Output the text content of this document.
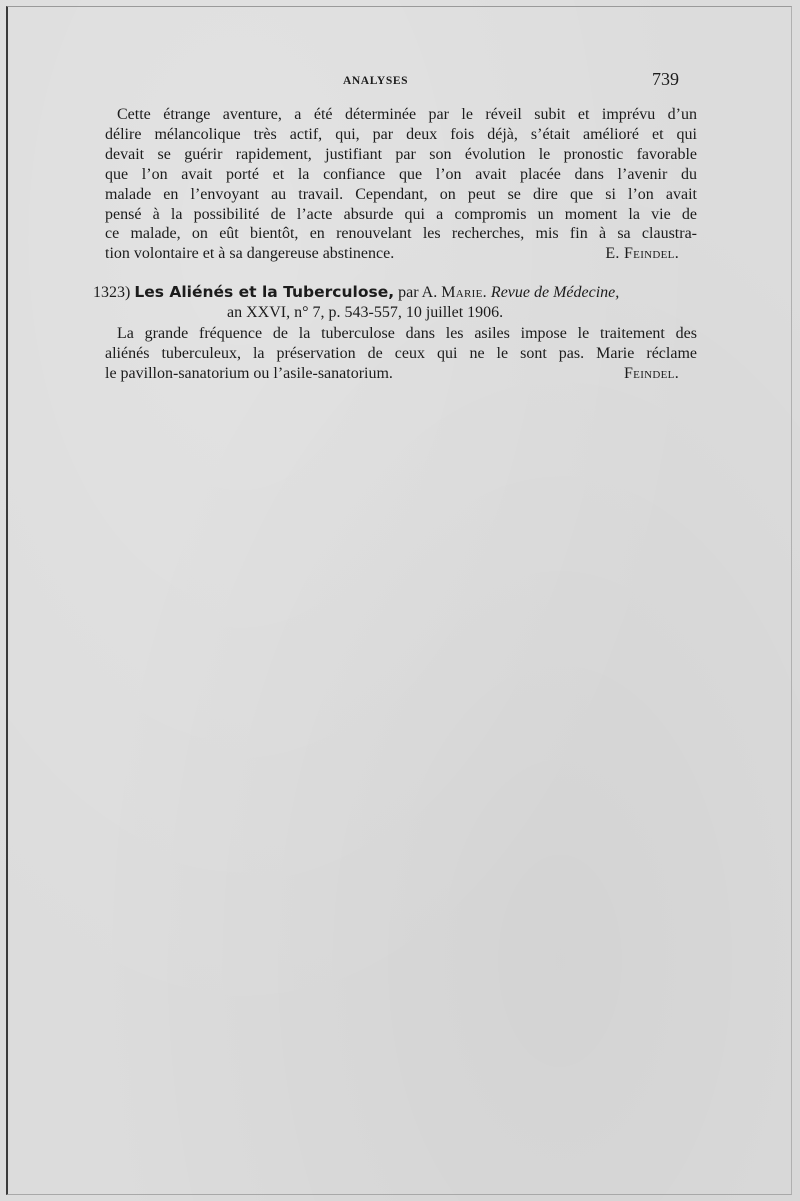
ANALYSES	739
Cette étrange aventure, a été déterminée par le réveil subit et imprévu d’un
délire mélancolique très actif, qui, par deux fois déjà, s’était amélioré et qui
devait se guérir rapidement, justifiant par son évolution le pronostic favorable
que l’on avait porté et la confiance que l’on avait placée dans l’avenir du
malade en l’envoyant au travail. Cependant, on peut se dire que si l’on avait
pensé à la possibilité de l’acte absurde qui a compromis un moment la vie de
ce malade, on eût bientôt, en renouvelant les recherches, mis fin à sa claustra-
tion volontaire et à sa dangereuse abstinence.	E. Feindel.
1323) Les Aliénés et la Tuberculose, par A. Marie. Revue de Médecine,
an XXVI, n° 7, p. 543-557, 10 juillet 1906.
La grande fréquence de la tuberculose dans les asiles impose le traitement des
aliénés tuberculeux, la préservation de ceux qui ne le sont pas. Marie réclame
le pavillon-sanatorium ou l’asile-sanatorium.	Feindel.
